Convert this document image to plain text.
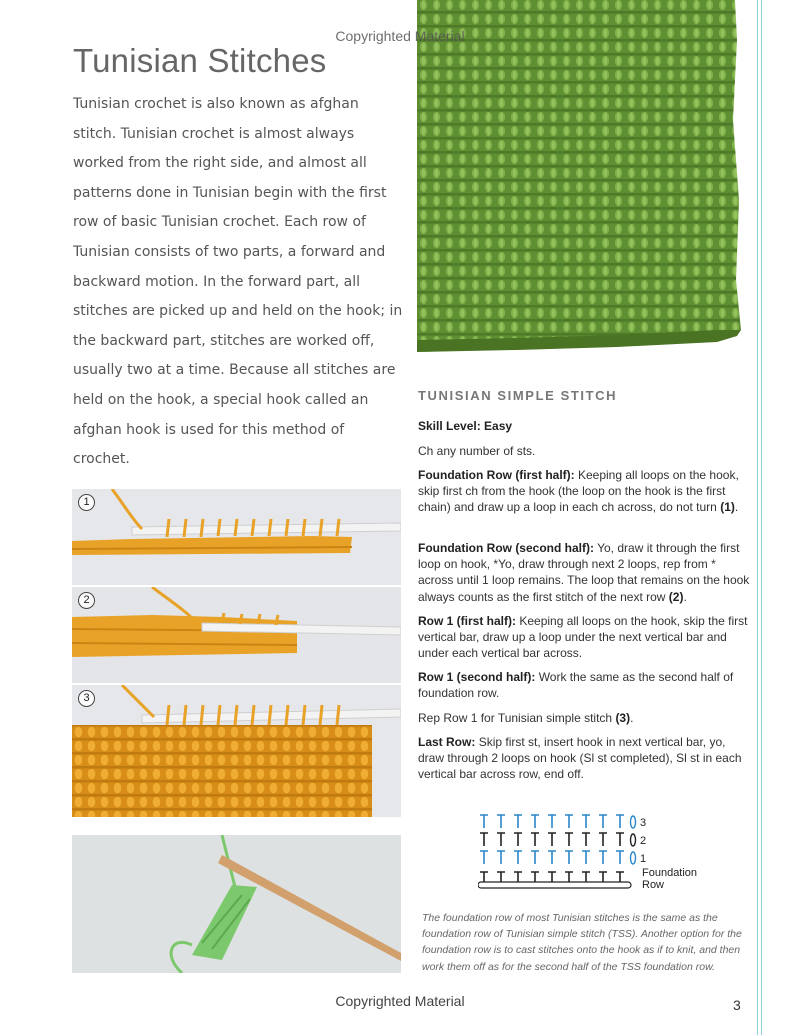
Tunisian Stitches

Tunisian crochet is also known as afghan stitch. Tunisian crochet is almost always worked from the right side, and almost all patterns done in Tunisian begin with the first row of basic Tunisian crochet. Each row of Tunisian consists of two parts, a forward and backward motion. In the forward part, all stitches are picked up and held on the hook; in the backward part, stitches are worked off, usually two at a time. Because all stitches are held on the hook, a special hook called an afghan hook is used for this method of crochet.

1
2
3
TUNISIAN SIMPLE STITCH
Skill Level: Easy
Ch any number of sts.
Foundation Row (first half): Keeping all loops on the hook, skip first ch from the hook (the loop on the hook is the first chain) and draw up a loop in each ch across, do not turn (1).
Foundation Row (second half): Yo, draw it through the first loop on hook, *Yo, draw through next 2 loops, rep from * across until 1 loop remains. The loop that remains on the hook always counts as the first stitch of the next row (2).
Row 1 (first half): Keeping all loops on the hook, skip the first vertical bar, draw up a loop under the next vertical bar and under each vertical bar across.
Row 1 (second half): Work the same as the second half of foundation row.
Rep Row 1 for Tunisian simple stitch (3).
Last Row: Skip first st, insert hook in next vertical bar, yo, draw through 2 loops on hook (Sl st completed), Sl st in each vertical bar across row, end off.
3
2
1
Foundation
Row

The foundation row of most Tunisian stitches is the same as the foundation row of Tunisian simple stitch (TSS). Another option for the foundation row is to cast stitches onto the hook as if to knit, and then work them off as for the second half of the TSS foundation row.

Copyrighted Material
Copyrighted Material	3
